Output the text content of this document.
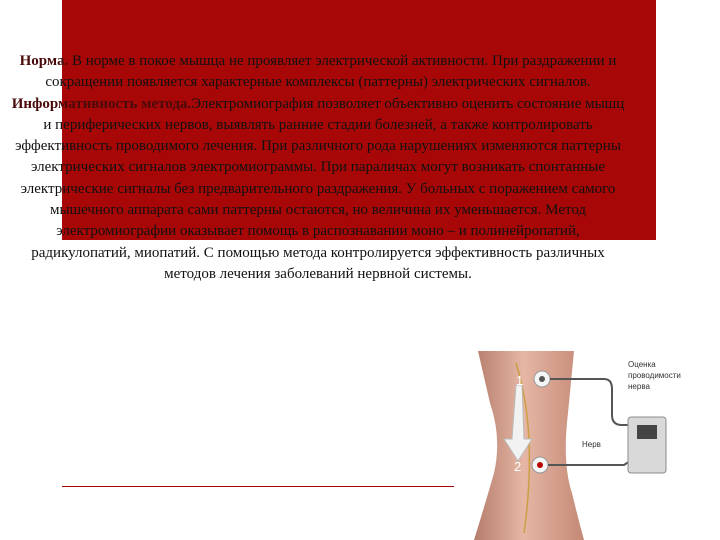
Норма. В норме в покое мышца не проявляет электрической активности. При раздражении и сокращении появляется характерные комплексы (паттерны) электрических сигналов.

Информативность метода.Электромиография позволяет объективно оценить состояние мышц и периферических нервов, выявлять ранние стадии болезней, а также контролировать эффективность проводимого лечения. При различного рода нарушениях изменяются паттерны электрических сигналов электромиограммы. При параличах могут возникать спонтанные электрические сигналы без предварительного раздражения. У больных с поражением самого мышечного аппарата сами паттерны остаются, но величина их уменьшается. Метод электромиографии оказывает помощь в распознавании моно – и полинейропатий, радикулопатий, миопатий. С помощью метода контролируется эффективность различных методов лечения заболеваний нервной системы.

1
2
Оценка
проводимости
нерва
Нерв
